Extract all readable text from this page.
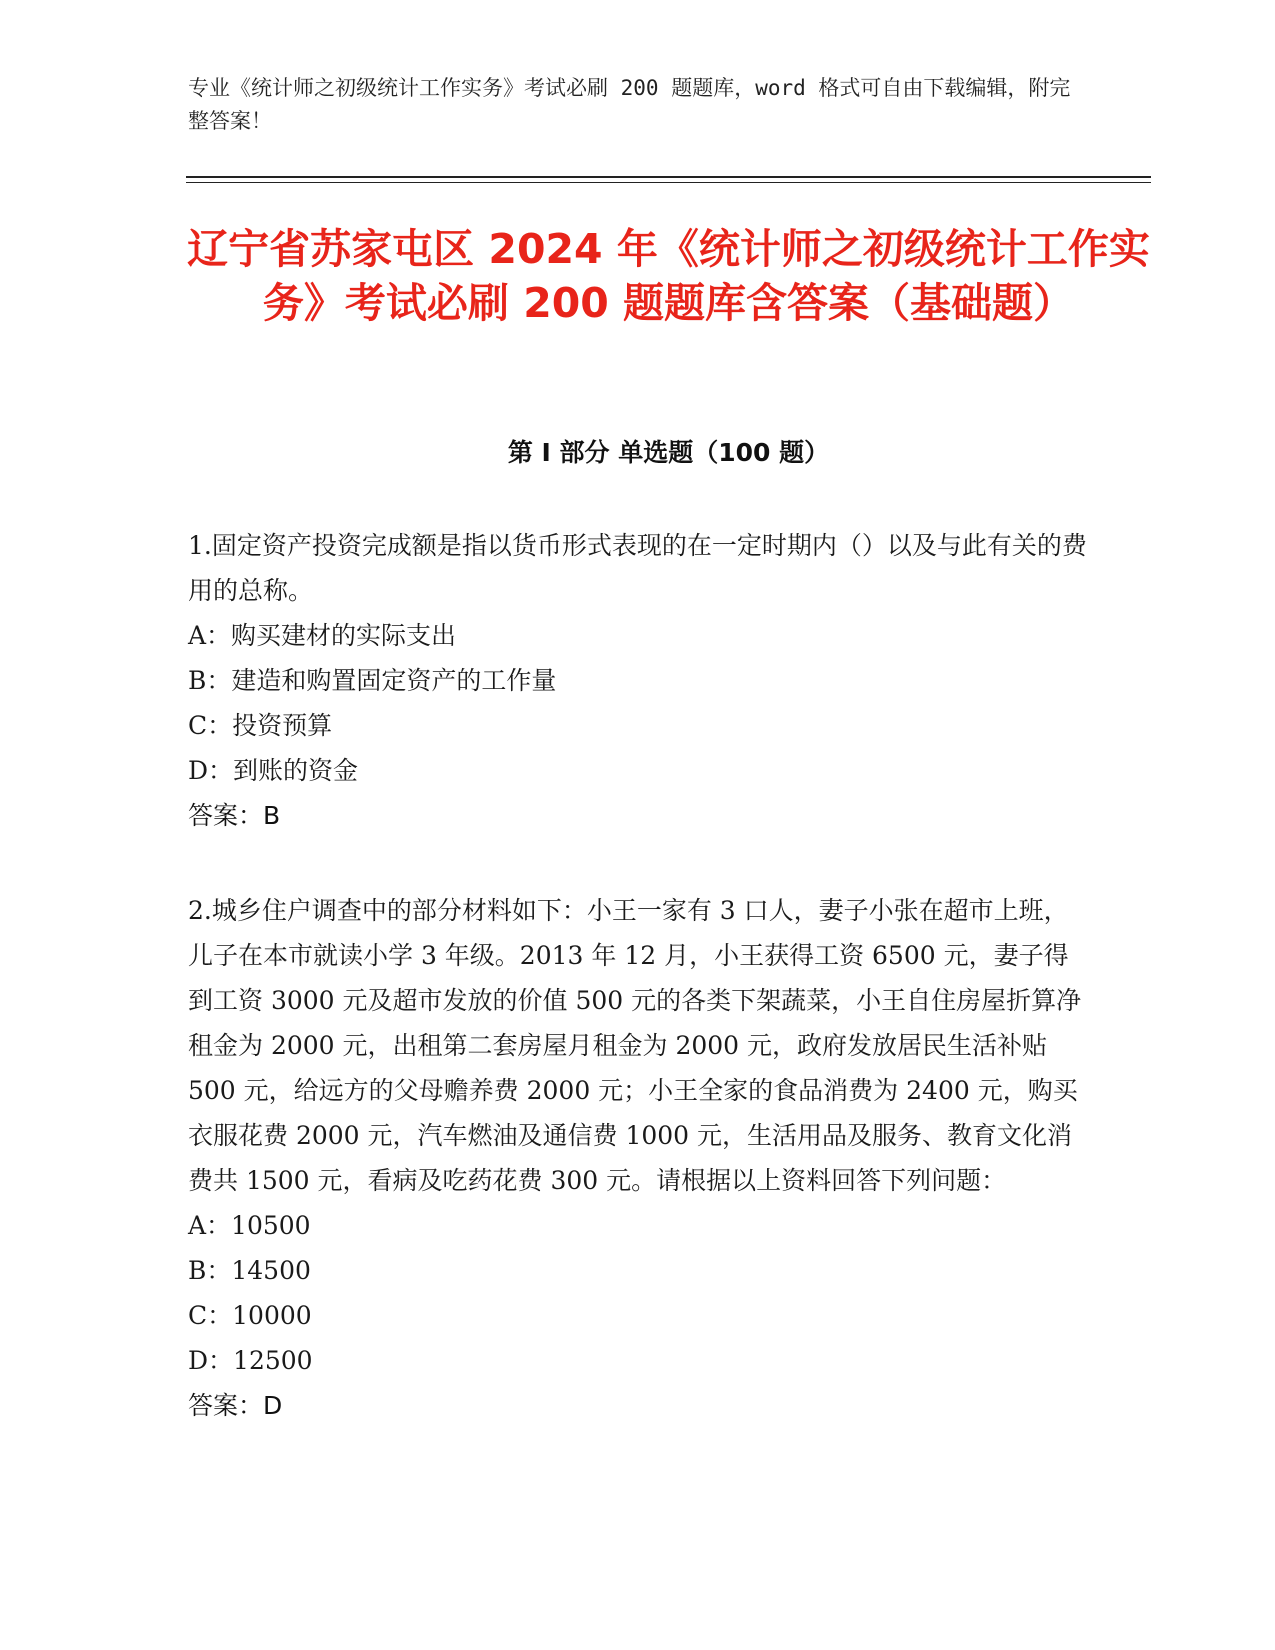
专业《统计师之初级统计工作实务》考试必刷 200 题题库，word 格式可自由下载编辑，附完整答案！
辽宁省苏家屯区 2024 年《统计师之初级统计工作实务》考试必刷 200 题题库含答案（基础题）
第 I 部分 单选题（100 题）

1.固定资产投资完成额是指以货币形式表现的在一定时期内（）以及与此有关的费用的总称。

A：购买建材的实际支出

B：建造和购置固定资产的工作量

C：投资预算

D：到账的资金

答案：B

2.城乡住户调查中的部分材料如下：小王一家有 3 口人，妻子小张在超市上班，儿子在本市就读小学 3 年级。2013 年 12 月，小王获得工资 6500 元，妻子得到工资 3000 元及超市发放的价值 500 元的各类下架蔬菜，小王自住房屋折算净租金为 2000 元，出租第二套房屋月租金为 2000 元，政府发放居民生活补贴 500 元，给远方的父母赡养费 2000 元；小王全家的食品消费为 2400 元，购买衣服花费 2000 元，汽车燃油及通信费 1000 元，生活用品及服务、教育文化消费共 1500 元，看病及吃药花费 300 元。请根据以上资料回答下列问题：

A：10500

B：14500

C：10000

D：12500

答案：D
